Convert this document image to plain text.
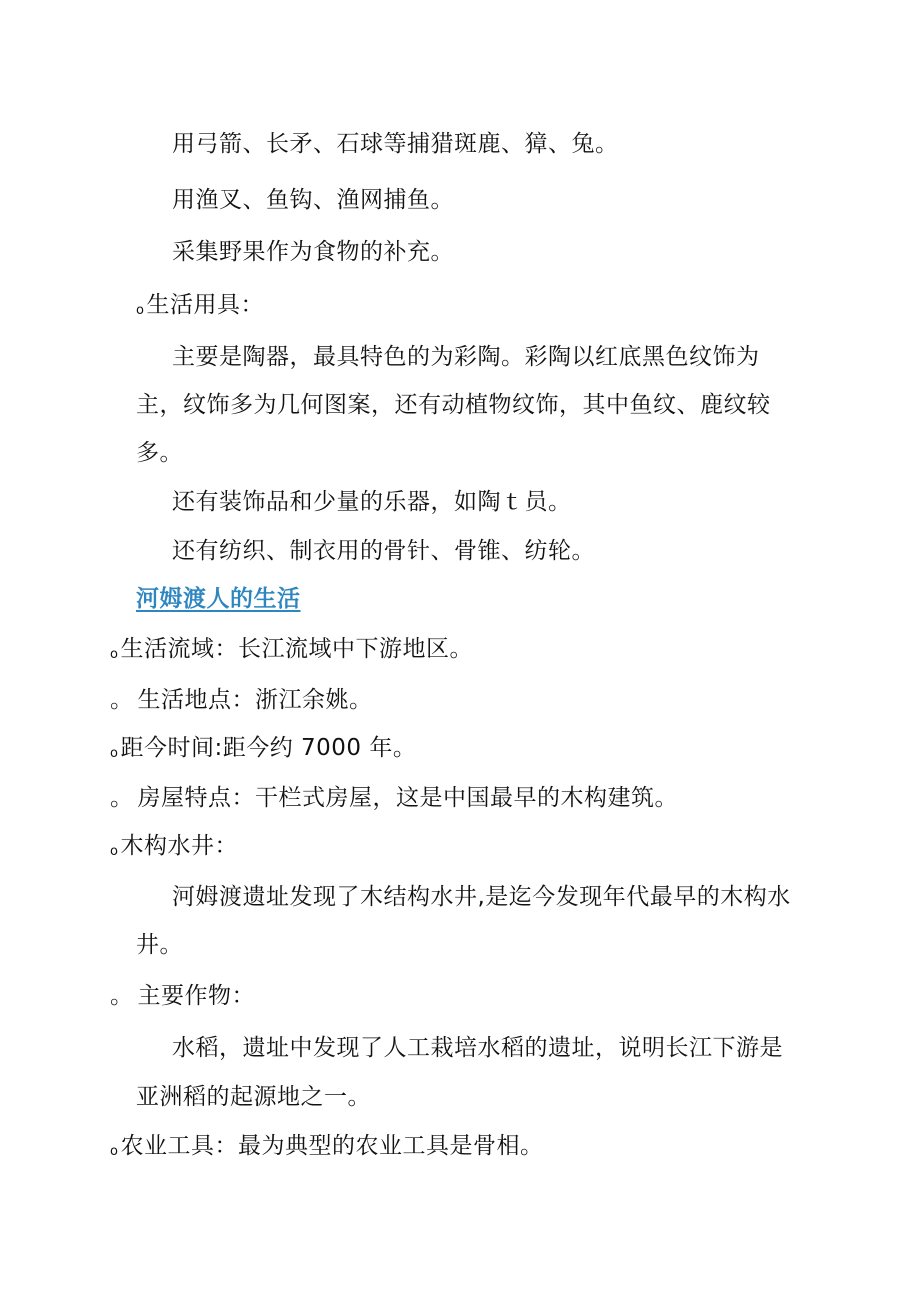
用弓箭、长矛、石球等捕猎斑鹿、獐、兔。
用渔叉、鱼钩、渔网捕鱼。
采集野果作为食物的补充。
o生活用具：
主要是陶器，最具特色的为彩陶。彩陶以红底黑色纹饰为
主，纹饰多为几何图案，还有动植物纹饰，其中鱼纹、鹿纹较
多。
还有装饰品和少量的乐器，如陶ｔ员。
还有纺织、制衣用的骨针、骨锥、纺轮。
河姆渡人的生活
o生活流域：长江流域中下游地区。
。 生活地点：浙江余姚。
o距今时间:距今约 7000 年。
。 房屋特点：干栏式房屋，这是中国最早的木构建筑。
o木构水井：
河姆渡遗址发现了木结构水井,是迄今发现年代最早的木构水
井。
。 主要作物：
水稻，遗址中发现了人工栽培水稻的遗址，说明长江下游是
亚洲稻的起源地之一。
o农业工具：最为典型的农业工具是骨相。
